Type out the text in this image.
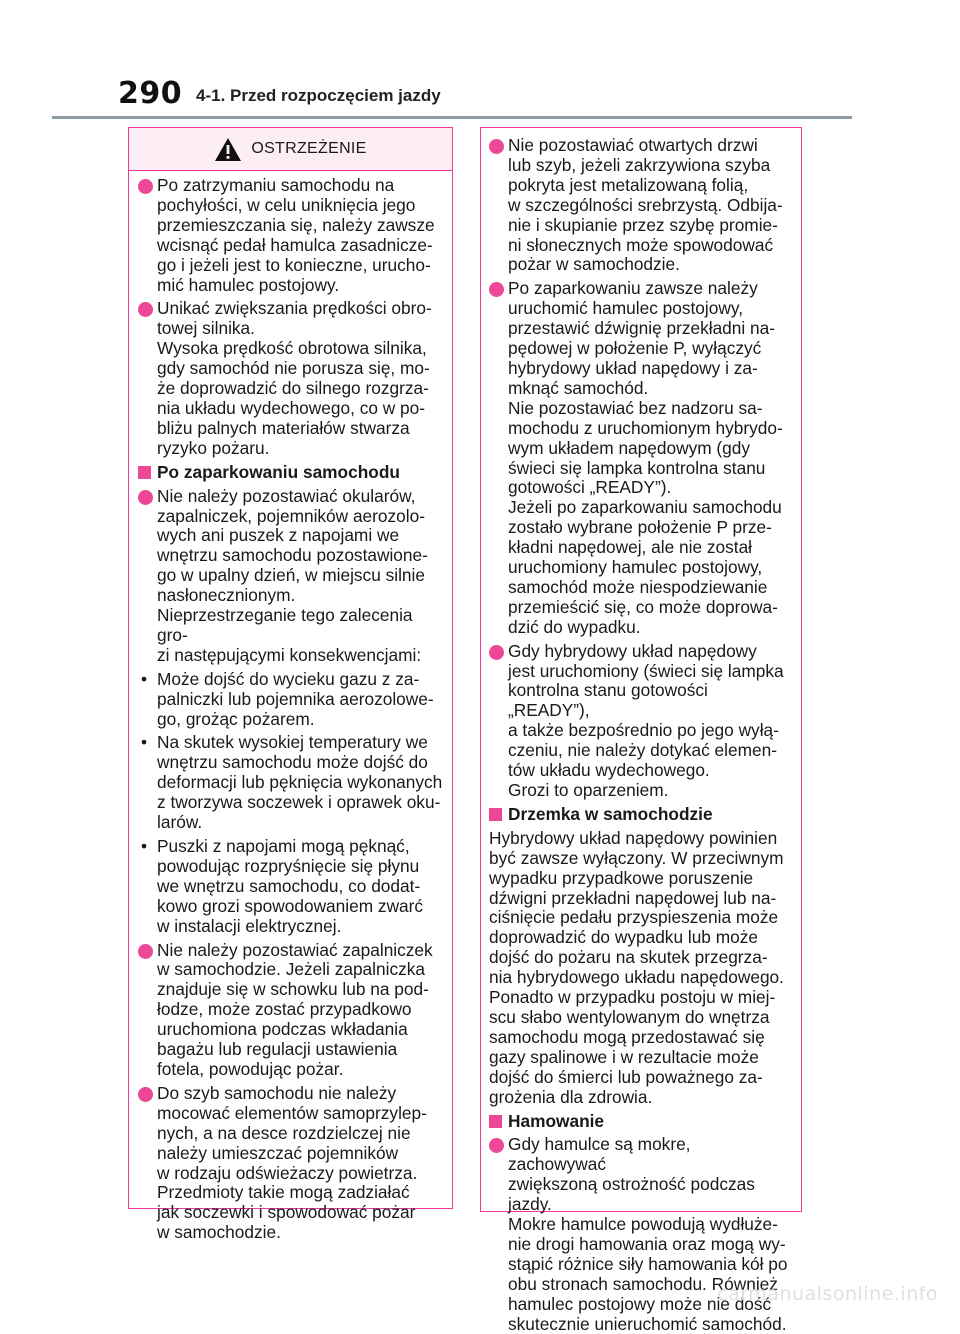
290 4-1. Przed rozpoczęciem jazdy
OSTRZEŻENIE
Po zatrzymaniu samochodu na
pochyłości, w celu uniknięcia jego
przemieszczania się, należy zawsze
wcisnąć pedał hamulca zasadnicze-
go i jeżeli jest to konieczne, urucho-
mić hamulec postojowy.
Unikać zwiększania prędkości obro-
towej silnika.
Wysoka prędkość obrotowa silnika,
gdy samochód nie porusza się, mo-
że doprowadzić do silnego rozgrza-
nia układu wydechowego, co w po-
bliżu palnych materiałów stwarza
ryzyko pożaru.
Po zaparkowaniu samochodu
Nie należy pozostawiać okularów,
zapalniczek, pojemników aerozolo-
wych ani puszek z napojami we
wnętrzu samochodu pozostawione-
go w upalny dzień, w miejscu silnie
nasłonecznionym.
Nieprzestrzeganie tego zalecenia gro-
zi następującymi konsekwencjami:
• Może dojść do wycieku gazu z za-
palniczki lub pojemnika aerozolowe-
go, grożąc pożarem.
• Na skutek wysokiej temperatury we
wnętrzu samochodu może dojść do
deformacji lub pęknięcia wykonanych
z tworzywa soczewek i oprawek oku-
larów.
• Puszki z napojami mogą pęknąć,
powodując rozpryśnięcie się płynu
we wnętrzu samochodu, co dodat-
kowo grozi spowodowaniem zwarć
w instalacji elektrycznej.
Nie należy pozostawiać zapalniczek
w samochodzie. Jeżeli zapalniczka
znajduje się w schowku lub na pod-
łodze, może zostać przypadkowo
uruchomiona podczas wkładania
bagażu lub regulacji ustawienia
fotela, powodując pożar.
Do szyb samochodu nie należy
mocować elementów samoprzylep-
nych, a na desce rozdzielczej nie
należy umieszczać pojemników
w rodzaju odświeżaczy powietrza.
Przedmioty takie mogą zadziałać
jak soczewki i spowodować pożar
w samochodzie.
Nie pozostawiać otwartych drzwi
lub szyb, jeżeli zakrzywiona szyba
pokryta jest metalizowaną folią,
w szczególności srebrzystą. Odbija-
nie i skupianie przez szybę promie-
ni słonecznych może spowodować
pożar w samochodzie.
Po zaparkowaniu zawsze należy
uruchomić hamulec postojowy,
przestawić dźwignię przekładni na-
pędowej w położenie P, wyłączyć
hybrydowy układ napędowy i za-
mknąć samochód.
Nie pozostawiać bez nadzoru sa-
mochodu z uruchomionym hybrydo-
wym układem napędowym (gdy
świeci się lampka kontrolna stanu
gotowości „READY”).
Jeżeli po zaparkowaniu samochodu
zostało wybrane położenie P prze-
kładni napędowej, ale nie został
uruchomiony hamulec postojowy,
samochód może niespodziewanie
przemieścić się, co może doprowa-
dzić do wypadku.
Gdy hybrydowy układ napędowy
jest uruchomiony (świeci się lampka
kontrolna stanu gotowości „READY”),
a także bezpośrednio po jego wyłą-
czeniu, nie należy dotykać elemen-
tów układu wydechowego.
Grozi to oparzeniem.
Drzemka w samochodzie
Hybrydowy układ napędowy powinien
być zawsze wyłączony. W przeciwnym
wypadku przypadkowe poruszenie
dźwigni przekładni napędowej lub na-
ciśnięcie pedału przyspieszenia może
doprowadzić do wypadku lub może
dojść do pożaru na skutek przegrza-
nia hybrydowego układu napędowego.
Ponadto w przypadku postoju w miej-
scu słabo wentylowanym do wnętrza
samochodu mogą przedostawać się
gazy spalinowe i w rezultacie może
dojść do śmierci lub poważnego za-
grożenia dla zdrowia.
Hamowanie
Gdy hamulce są mokre, zachowywać
zwiększoną ostrożność podczas
jazdy.
Mokre hamulce powodują wydłuże-
nie drogi hamowania oraz mogą wy-
stąpić różnice siły hamowania kół po
obu stronach samochodu. Również
hamulec postojowy może nie dość
skutecznie unieruchomić samochód.
carmanualsonline.info
